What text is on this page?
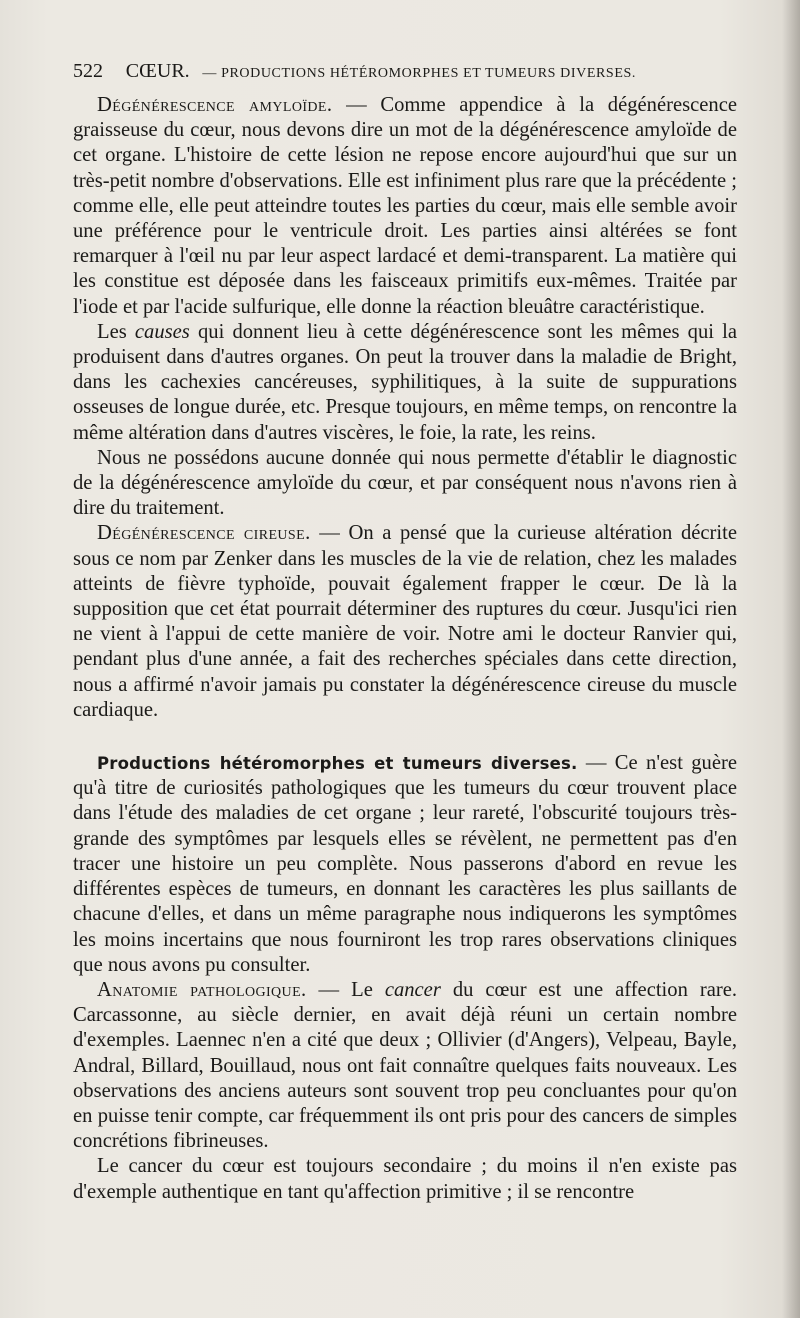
522 CŒUR. — PRODUCTIONS HÉTÉROMORPHES ET TUMEURS DIVERSES.

Dégénérescence amyloïde. — Comme appendice à la dégénérescence graisseuse du cœur, nous devons dire un mot de la dégénérescence amyloïde de cet organe. L'histoire de cette lésion ne repose encore aujourd'hui que sur un très-petit nombre d'observations. Elle est infiniment plus rare que la précédente ; comme elle, elle peut atteindre toutes les parties du cœur, mais elle semble avoir une préférence pour le ventricule droit. Les parties ainsi altérées se font remarquer à l'œil nu par leur aspect lardacé et demi-transparent. La matière qui les constitue est déposée dans les faisceaux primitifs eux-mêmes. Traitée par l'iode et par l'acide sulfurique, elle donne la réaction bleuâtre caractéristique.

Les causes qui donnent lieu à cette dégénérescence sont les mêmes qui la produisent dans d'autres organes. On peut la trouver dans la maladie de Bright, dans les cachexies cancéreuses, syphilitiques, à la suite de suppurations osseuses de longue durée, etc. Presque toujours, en même temps, on rencontre la même altération dans d'autres viscères, le foie, la rate, les reins.

Nous ne possédons aucune donnée qui nous permette d'établir le diagnostic de la dégénérescence amyloïde du cœur, et par conséquent nous n'avons rien à dire du traitement.

Dégénérescence cireuse. — On a pensé que la curieuse altération décrite sous ce nom par Zenker dans les muscles de la vie de relation, chez les malades atteints de fièvre typhoïde, pouvait également frapper le cœur. De là la supposition que cet état pourrait déterminer des ruptures du cœur. Jusqu'ici rien ne vient à l'appui de cette manière de voir. Notre ami le docteur Ranvier qui, pendant plus d'une année, a fait des recherches spéciales dans cette direction, nous a affirmé n'avoir jamais pu constater la dégénérescence cireuse du muscle cardiaque.

Productions hétéromorphes et tumeurs diverses. — Ce n'est guère qu'à titre de curiosités pathologiques que les tumeurs du cœur trouvent place dans l'étude des maladies de cet organe ; leur rareté, l'obscurité toujours très-grande des symptômes par lesquels elles se révèlent, ne permettent pas d'en tracer une histoire un peu complète. Nous passerons d'abord en revue les différentes espèces de tumeurs, en donnant les caractères les plus saillants de chacune d'elles, et dans un même paragraphe nous indiquerons les symptômes les moins incertains que nous fourniront les trop rares observations cliniques que nous avons pu consulter.

Anatomie pathologique. — Le cancer du cœur est une affection rare. Carcassonne, au siècle dernier, en avait déjà réuni un certain nombre d'exemples. Laennec n'en a cité que deux ; Ollivier (d'Angers), Velpeau, Bayle, Andral, Billard, Bouillaud, nous ont fait connaître quelques faits nouveaux. Les observations des anciens auteurs sont souvent trop peu concluantes pour qu'on en puisse tenir compte, car fréquemment ils ont pris pour des cancers de simples concrétions fibrineuses.

Le cancer du cœur est toujours secondaire ; du moins il n'en existe pas d'exemple authentique en tant qu'affection primitive ; il se rencontre
